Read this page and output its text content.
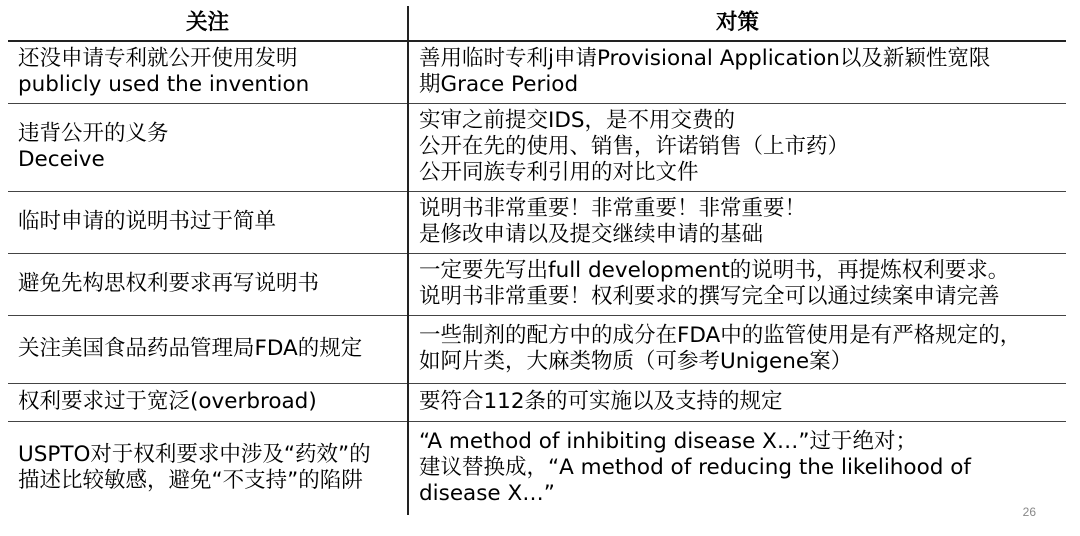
关注	对策

还没申请专利就公开使用发明
publicly used the invention	善用临时专利j申请Provisional Application以及新颖性宽限
期Grace Period

违背公开的义务
Deceive	实审之前提交IDS，是不用交费的
公开在先的使用、销售，许诺销售（上市药）
公开同族专利引用的对比文件

临时申请的说明书过于简单	说明书非常重要！非常重要！非常重要！
是修改申请以及提交继续申请的基础

避免先构思权利要求再写说明书	一定要先写出full development的说明书，再提炼权利要求。
说明书非常重要！权利要求的撰写完全可以通过续案申请完善

关注美国食品药品管理局FDA的规定	一些制剂的配方中的成分在FDA中的监管使用是有严格规定的，
如阿片类，大麻类物质（可参考Unigene案）

权利要求过于宽泛(overbroad)	要符合112条的可实施以及支持的规定

USPTO对于权利要求中涉及“药效”的
描述比较敏感，避免“不支持”的陷阱	“A method of inhibiting disease X…”过于绝对；
建议替换成，“A method of reducing the likelihood of
disease X…”
26
